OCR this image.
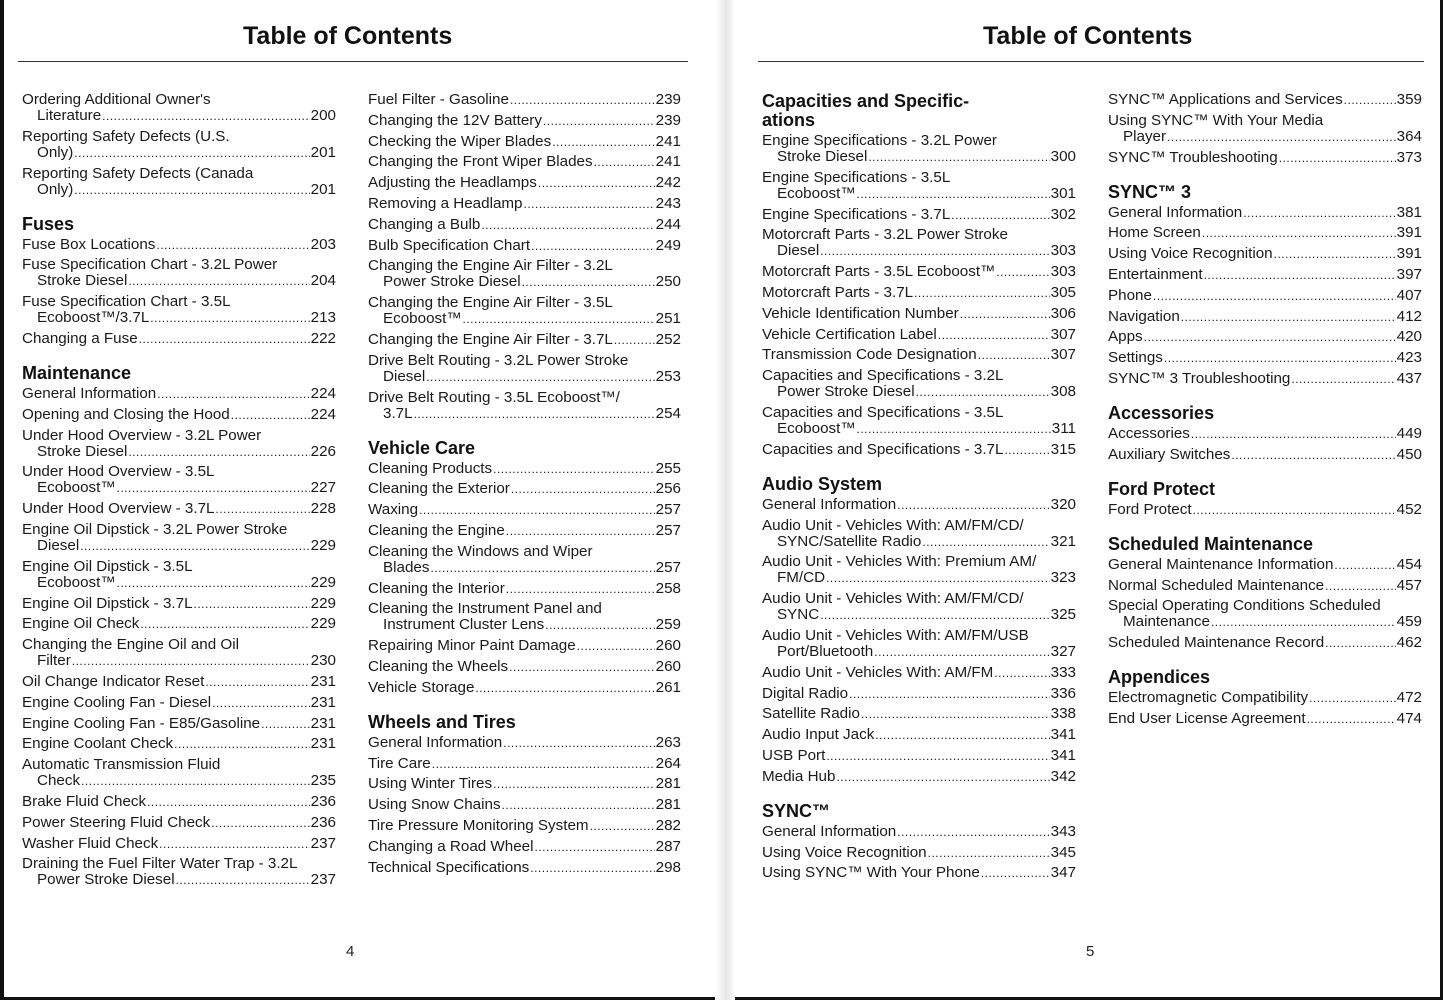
Table of Contents	Table of Contents
Ordering Additional Owner's
Literature .....	200
Reporting Safety Defects (U.S.
Only) .....	201
Reporting Safety Defects (Canada
Only) .....	201
Fuses
Fuse Box Locations .....	203
Fuse Specification Chart - 3.2L Power
Stroke Diesel .....	204
Fuse Specification Chart - 3.5L
Ecoboost™/3.7L .....	213
Changing a Fuse .....	222
Maintenance
General Information .....	224
Opening and Closing the Hood .....	224
Under Hood Overview - 3.2L Power
Stroke Diesel .....	226
Under Hood Overview - 3.5L
Ecoboost™ .....	227
Under Hood Overview - 3.7L .....	228
Engine Oil Dipstick - 3.2L Power Stroke
Diesel .....	229
Engine Oil Dipstick - 3.5L
Ecoboost™ .....	229
Engine Oil Dipstick - 3.7L .....	229
Engine Oil Check .....	229
Changing the Engine Oil and Oil
Filter .....	230
Oil Change Indicator Reset .....	231
Engine Cooling Fan - Diesel .....	231
Engine Cooling Fan - E85/Gasoline .....	231
Engine Coolant Check .....	231
Automatic Transmission Fluid
Check .....	235
Brake Fluid Check .....	236
Power Steering Fluid Check .....	236
Washer Fluid Check .....	237
Draining the Fuel Filter Water Trap - 3.2L
Power Stroke Diesel .....	237
Fuel Filter - Gasoline .....	239
Changing the 12V Battery .....	239
Checking the Wiper Blades .....	241
Changing the Front Wiper Blades .....	241
Adjusting the Headlamps .....	242
Removing a Headlamp .....	243
Changing a Bulb .....	244
Bulb Specification Chart .....	249
Changing the Engine Air Filter - 3.2L
Power Stroke Diesel .....	250
Changing the Engine Air Filter - 3.5L
Ecoboost™ .....	251
Changing the Engine Air Filter - 3.7L .....	252
Drive Belt Routing - 3.2L Power Stroke
Diesel .....	253
Drive Belt Routing - 3.5L Ecoboost™/
3.7L .....	254
Vehicle Care
Cleaning Products .....	255
Cleaning the Exterior .....	256
Waxing .....	257
Cleaning the Engine .....	257
Cleaning the Windows and Wiper
Blades .....	257
Cleaning the Interior .....	258
Cleaning the Instrument Panel and
Instrument Cluster Lens .....	259
Repairing Minor Paint Damage .....	260
Cleaning the Wheels .....	260
Vehicle Storage .....	261
Wheels and Tires
General Information .....	263
Tire Care .....	264
Using Winter Tires .....	281
Using Snow Chains .....	281
Tire Pressure Monitoring System .....	282
Changing a Road Wheel .....	287
Technical Specifications .....	298
Capacities and Specific-
ations
Engine Specifications - 3.2L Power
Stroke Diesel .....	300
Engine Specifications - 3.5L
Ecoboost™ .....	301
Engine Specifications - 3.7L .....	302
Motorcraft Parts - 3.2L Power Stroke
Diesel .....	303
Motorcraft Parts - 3.5L Ecoboost™ .....	303
Motorcraft Parts - 3.7L .....	305
Vehicle Identification Number .....	306
Vehicle Certification Label .....	307
Transmission Code Designation .....	307
Capacities and Specifications - 3.2L
Power Stroke Diesel .....	308
Capacities and Specifications - 3.5L
Ecoboost™ .....	311
Capacities and Specifications - 3.7L .....	315
Audio System
General Information .....	320
Audio Unit - Vehicles With: AM/FM/CD/
SYNC/Satellite Radio .....	321
Audio Unit - Vehicles With: Premium AM/
FM/CD .....	323
Audio Unit - Vehicles With: AM/FM/CD/
SYNC .....	325
Audio Unit - Vehicles With: AM/FM/USB
Port/Bluetooth .....	327
Audio Unit - Vehicles With: AM/FM .....	333
Digital Radio .....	336
Satellite Radio .....	338
Audio Input Jack .....	341
USB Port .....	341
Media Hub .....	342
SYNC™
General Information .....	343
Using Voice Recognition .....	345
Using SYNC™ With Your Phone .....	347
SYNC™ Applications and Services .....	359
Using SYNC™ With Your Media
Player .....	364
SYNC™ Troubleshooting .....	373
SYNC™ 3
General Information .....	381
Home Screen .....	391
Using Voice Recognition .....	391
Entertainment .....	397
Phone .....	407
Navigation .....	412
Apps .....	420
Settings .....	423
SYNC™ 3 Troubleshooting .....	437
Accessories
Accessories .....	449
Auxiliary Switches .....	450
Ford Protect
Ford Protect .....	452
Scheduled Maintenance
General Maintenance Information .....	454
Normal Scheduled Maintenance .....	457
Special Operating Conditions Scheduled
Maintenance .....	459
Scheduled Maintenance Record .....	462
Appendices
Electromagnetic Compatibility .....	472
End User License Agreement .....	474
4	5
